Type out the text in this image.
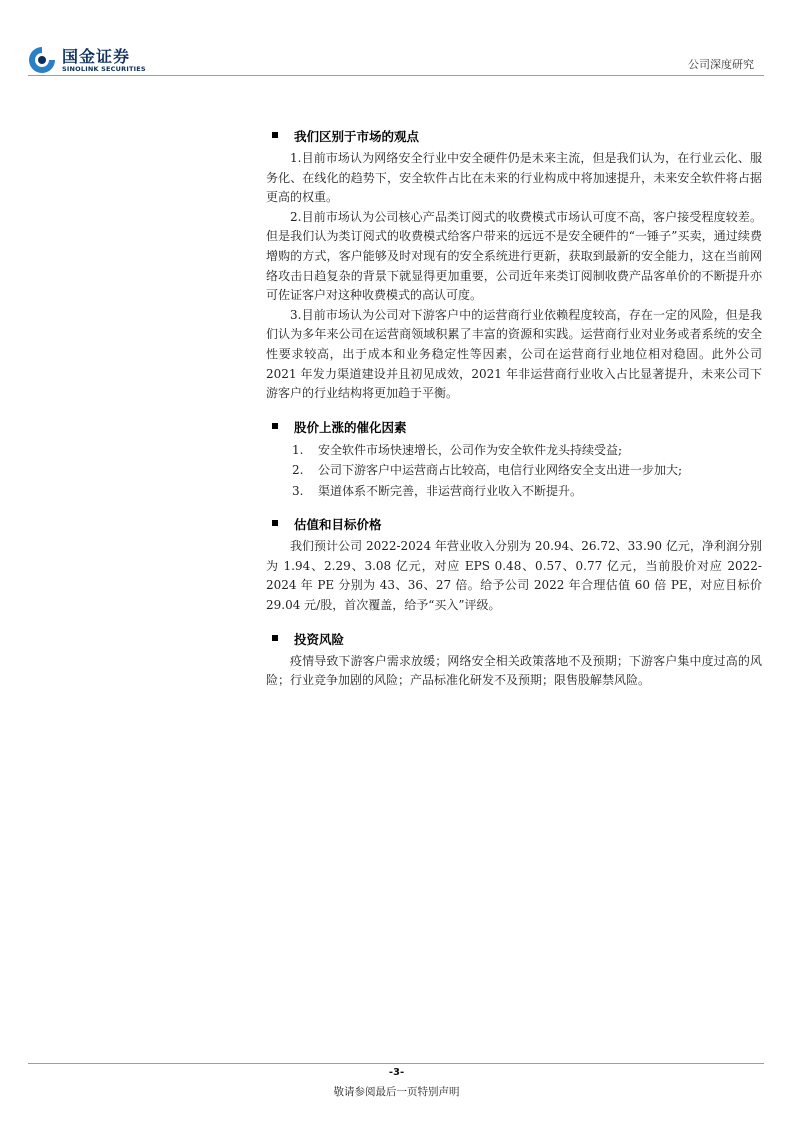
国金证券
SINOLINK SECURITIES	公司深度研究
我们区别于市场的观点

1.目前市场认为网络安全行业中安全硬件仍是未来主流，但是我们认为，在行业云化、服务化、在线化的趋势下，安全软件占比在未来的行业构成中将加速提升，未来安全软件将占据更高的权重。

2.目前市场认为公司核心产品类订阅式的收费模式市场认可度不高，客户接受程度较差。但是我们认为类订阅式的收费模式给客户带来的远远不是安全硬件的“一锤子”买卖，通过续费增购的方式，客户能够及时对现有的安全系统进行更新，获取到最新的安全能力，这在当前网络攻击日趋复杂的背景下就显得更加重要，公司近年来类订阅制收费产品客单价的不断提升亦可佐证客户对这种收费模式的高认可度。

3.目前市场认为公司对下游客户中的运营商行业依赖程度较高，存在一定的风险，但是我们认为多年来公司在运营商领域积累了丰富的资源和实践。运营商行业对业务或者系统的安全性要求较高，出于成本和业务稳定性等因素，公司在运营商行业地位相对稳固。此外公司 2021 年发力渠道建设并且初见成效，2021 年非运营商行业收入占比显著提升，未来公司下游客户的行业结构将更加趋于平衡。

股价上涨的催化因素
1. 安全软件市场快速增长，公司作为安全软件龙头持续受益;
2. 公司下游客户中运营商占比较高，电信行业网络安全支出进一步加大;
3. 渠道体系不断完善，非运营商行业收入不断提升。
估值和目标价格

我们预计公司 2022-2024 年营业收入分别为 20.94、26.72、33.90 亿元，净利润分别为 1.94、2.29、3.08 亿元，对应 EPS 0.48、0.57、0.77 亿元，当前股价对应 2022-2024 年 PE 分别为 43、36、27 倍。给予公司 2022 年合理估值 60 倍 PE，对应目标价 29.04 元/股，首次覆盖，给予“买入”评级。

投资风险

疫情导致下游客户需求放缓；网络安全相关政策落地不及预期；下游客户集中度过高的风险；行业竞争加剧的风险；产品标准化研发不及预期；限售股解禁风险。

-3-
敬请参阅最后一页特别声明
